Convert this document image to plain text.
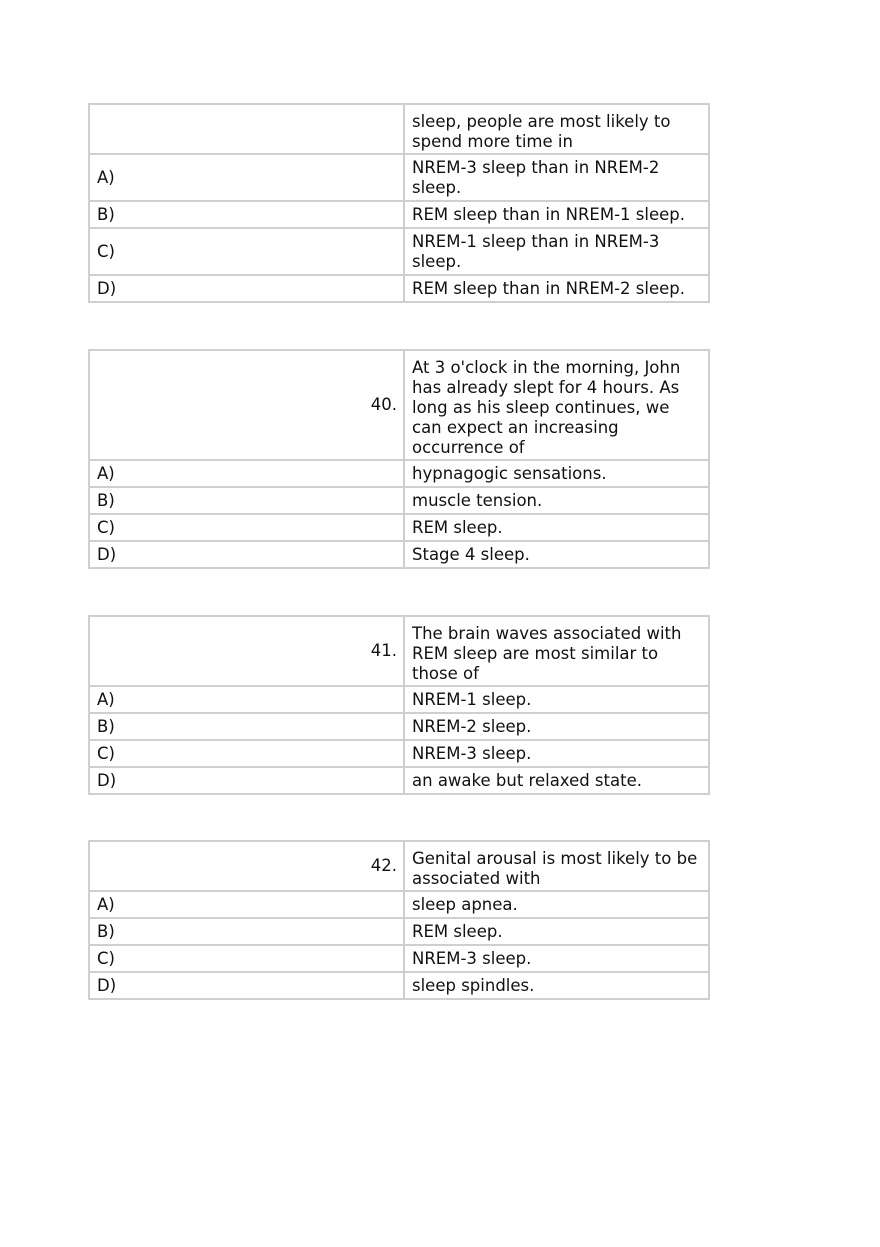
	sleep, people are most likely to spend more time in
A)	NREM-3 sleep than in NREM-2 sleep.
B)	REM sleep than in NREM-1 sleep.
C)	NREM-1 sleep than in NREM-3 sleep.
D)	REM sleep than in NREM-2 sleep.
40.	At 3 o'clock in the morning, John has already slept for 4 hours. As long as his sleep continues, we can expect an increasing occurrence of
A)	hypnagogic sensations.
B)	muscle tension.
C)	REM sleep.
D)	Stage 4 sleep.
41.	The brain waves associated with REM sleep are most similar to those of
A)	NREM-1 sleep.
B)	NREM-2 sleep.
C)	NREM-3 sleep.
D)	an awake but relaxed state.
42.	Genital arousal is most likely to be associated with
A)	sleep apnea.
B)	REM sleep.
C)	NREM-3 sleep.
D)	sleep spindles.
